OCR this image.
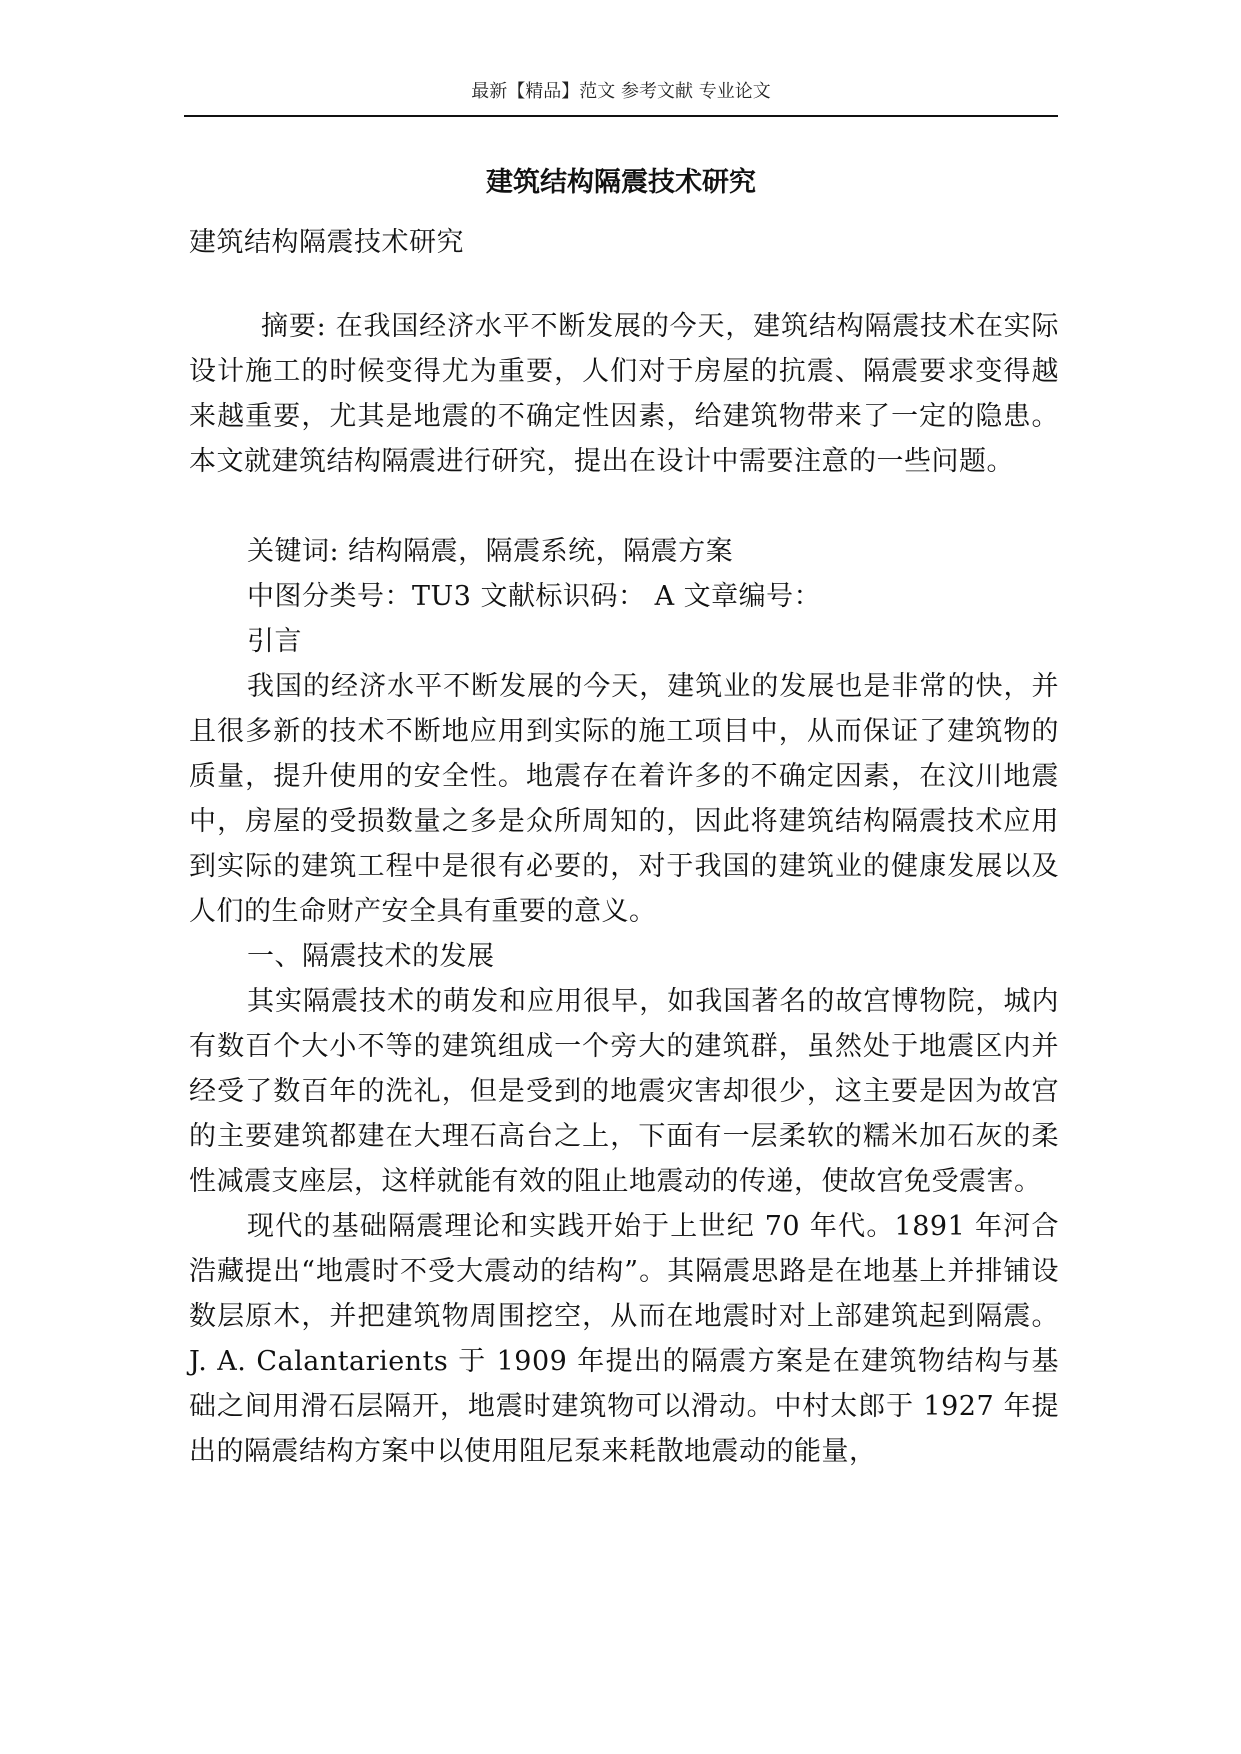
最新【精品】范文 参考文献 专业论文
建筑结构隔震技术研究

建筑结构隔震技术研究

摘要: 在我国经济水平不断发展的今天，建筑结构隔震技术在实际设计施工的时候变得尤为重要，人们对于房屋的抗震、隔震要求变得越来越重要，尤其是地震的不确定性因素，给建筑物带来了一定的隐患。本文就建筑结构隔震进行研究，提出在设计中需要注意的一些问题。

关键词: 结构隔震，隔震系统，隔震方案

中图分类号：TU3 文献标识码： A 文章编号：

引言

我国的经济水平不断发展的今天，建筑业的发展也是非常的快，并且很多新的技术不断地应用到实际的施工项目中，从而保证了建筑物的质量，提升使用的安全性。地震存在着许多的不确定因素，在汶川地震中，房屋的受损数量之多是众所周知的，因此将建筑结构隔震技术应用到实际的建筑工程中是很有必要的，对于我国的建筑业的健康发展以及人们的生命财产安全具有重要的意义。

一、隔震技术的发展

其实隔震技术的萌发和应用很早，如我国著名的故宫博物院，城内有数百个大小不等的建筑组成一个旁大的建筑群，虽然处于地震区内并经受了数百年的洗礼，但是受到的地震灾害却很少，这主要是因为故宫的主要建筑都建在大理石高台之上，下面有一层柔软的糯米加石灰的柔性减震支座层，这样就能有效的阻止地震动的传递，使故宫免受震害。

现代的基础隔震理论和实践开始于上世纪 70 年代。1891 年河合浩藏提出“地震时不受大震动的结构”。其隔震思路是在地基上并排铺设数层原木，并把建筑物周围挖空，从而在地震时对上部建筑起到隔震。J. A. Calantarients 于 1909 年提出的隔震方案是在建筑物结构与基础之间用滑石层隔开，地震时建筑物可以滑动。中村太郎于 1927 年提出的隔震结构方案中以使用阻尼泵来耗散地震动的能量，
